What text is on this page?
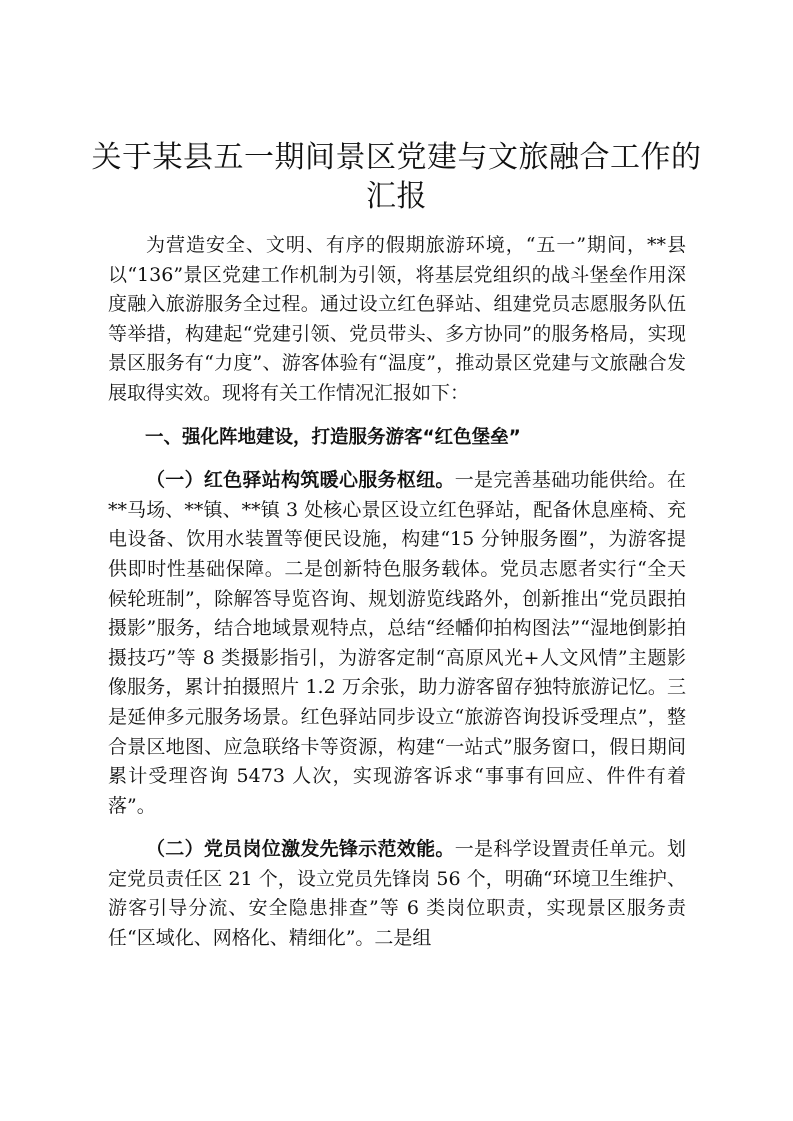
关于某县五一期间景区党建与文旅融合工作的汇报

为营造安全、文明、有序的假期旅游环境，“五一”期间，**县以“136”景区党建工作机制为引领，将基层党组织的战斗堡垒作用深度融入旅游服务全过程。通过设立红色驿站、组建党员志愿服务队伍等举措，构建起“党建引领、党员带头、多方协同”的服务格局，实现景区服务有“力度”、游客体验有“温度”，推动景区党建与文旅融合发展取得实效。现将有关工作情况汇报如下：

一、强化阵地建设，打造服务游客“红色堡垒”

（一）红色驿站构筑暖心服务枢纽。一是完善基础功能供给。在**马场、**镇、**镇 3 处核心景区设立红色驿站，配备休息座椅、充电设备、饮用水装置等便民设施，构建“15 分钟服务圈”，为游客提供即时性基础保障。二是创新特色服务载体。党员志愿者实行“全天候轮班制”，除解答导览咨询、规划游览线路外，创新推出“党员跟拍摄影”服务，结合地域景观特点，总结“经幡仰拍构图法”“湿地倒影拍摄技巧”等 8 类摄影指引，为游客定制“高原风光+人文风情”主题影像服务，累计拍摄照片 1.2 万余张，助力游客留存独特旅游记忆。三是延伸多元服务场景。红色驿站同步设立“旅游咨询投诉受理点”，整合景区地图、应急联络卡等资源，构建“一站式”服务窗口，假日期间累计受理咨询 5473 人次，实现游客诉求“事事有回应、件件有着落”。

（二）党员岗位激发先锋示范效能。一是科学设置责任单元。划定党员责任区 21 个，设立党员先锋岗 56 个，明确“环境卫生维护、游客引导分流、安全隐患排查”等 6 类岗位职责，实现景区服务责任“区域化、网格化、精细化”。二是组
